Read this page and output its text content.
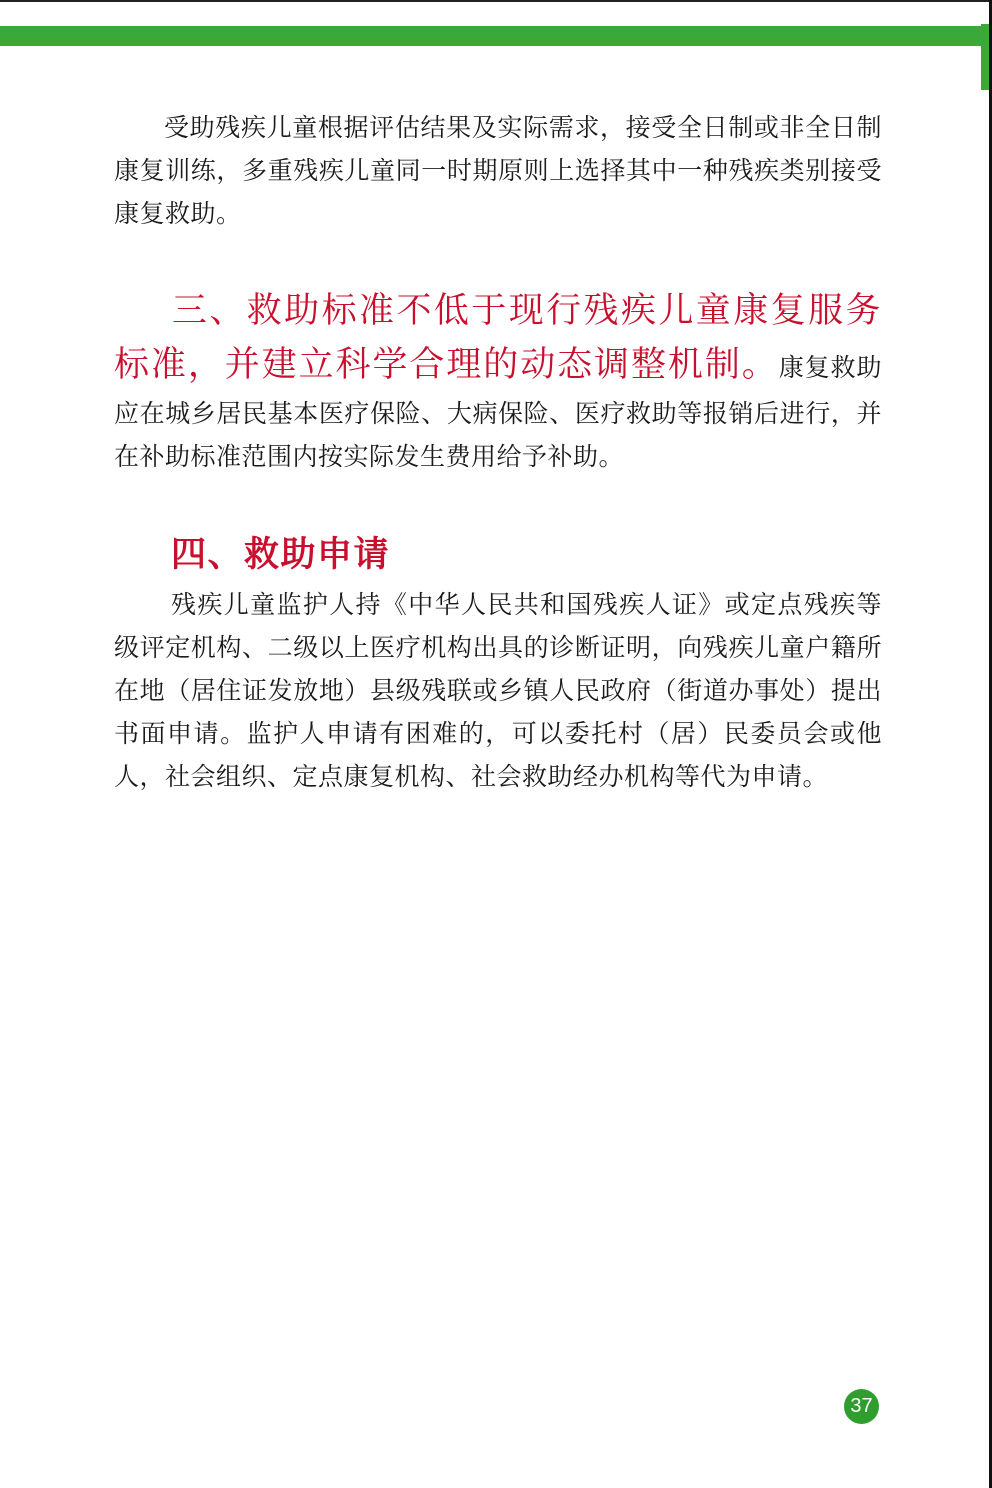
受助残疾儿童根据评估结果及实际需求，接受全日制或非全日制康复训练，多重残疾儿童同一时期原则上选择其中一种残疾类别接受康复救助。

三、救助标准不低于现行残疾儿童康复服务标准，并建立科学合理的动态调整机制。康复救助应在城乡居民基本医疗保险、大病保险、医疗救助等报销后进行，并在补助标准范围内按实际发生费用给予补助。

四、救助申请

残疾儿童监护人持《中华人民共和国残疾人证》或定点残疾等级评定机构、二级以上医疗机构出具的诊断证明，向残疾儿童户籍所在地（居住证发放地）县级残联或乡镇人民政府（街道办事处）提出书面申请。监护人申请有困难的，可以委托村（居）民委员会或他人，社会组织、定点康复机构、社会救助经办机构等代为申请。

37
